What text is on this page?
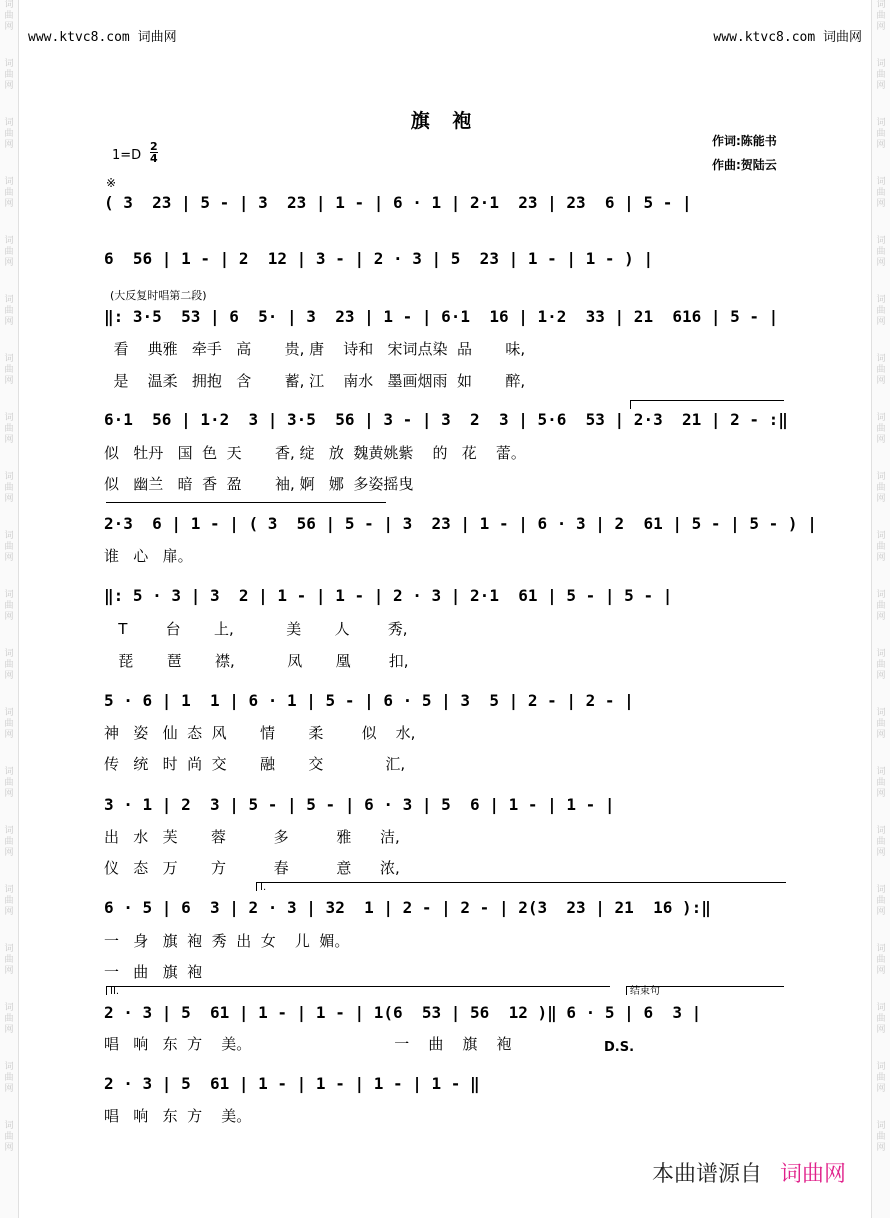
词曲网
词曲网
词曲网
词曲网
词曲网
词曲网
词曲网
词曲网
词曲网
词曲网
词曲网
词曲网
词曲网
词曲网
词曲网
词曲网
词曲网
词曲网
词曲网
词曲网
词曲网
词曲网
词曲网
词曲网
词曲网
词曲网
词曲网
词曲网
词曲网
词曲网
词曲网
词曲网
词曲网
词曲网
词曲网
词曲网
词曲网
词曲网
词曲网
词曲网
www.ktvc8.com 词曲网	www.ktvc8.com 词曲网
旗 袍
$1=D \frac{2}{4}$	作词:陈能书
作曲:贺陆云
※
( 3  23 | 5 - | 3  23 | 1 - | 6 · 1 | 2·1  23 | 23  6 | 5 - |
6  56 | 1 - | 2  12 | 3 - | 2 · 3 | 5  23 | 1 - | 1 - ) |
(大反复时唱第二段)
‖: 3·5  53 | 6  5· | 3  23 | 1 - | 6·1  16 | 1·2  33 | 21  616 | 5 - |
看    典雅   牵手   高       贵, 唐    诗和   宋词点染  品       味,
是    温柔   拥抱   含       蓄, 江    南水   墨画烟雨  如       醉,
6·1  56 | 1·2  3 | 3·5  56 | 3 - | 3  2  3 | 5·6  53 | 2·3  21 | 2 - :‖
似   牡丹   国  色  天       香, 绽   放  魏黄姚紫    的   花    蕾。
似   幽兰   暗  香  盈       袖, 婀   娜  多姿摇曳
2·3  6 | 1 - | ( 3  56 | 5 - | 3  23 | 1 - | 6 · 3 | 2  61 | 5 - | 5 - ) |
谁   心   扉。
‖: 5 · 3 | 3  2 | 1 - | 1 - | 2 · 3 | 2·1  61 | 5 - | 5 - |
T        台       上,           美       人        秀,
琵       琶       襟,           凤       凰        扣,
5 · 6 | 1  1 | 6 · 1 | 5 - | 6 · 5 | 3  5 | 2 - | 2 - |
神   姿   仙  态  风       情       柔        似    水,
传   统   时  尚  交       融       交             汇,
3 · 1 | 2  3 | 5 - | 5 - | 6 · 3 | 5  6 | 1 - | 1 - |
出   水   芙       蓉          多          雅      洁,
仪   态   万       方          春          意      浓,
I.
6 · 5 | 6  3 | 2 · 3 | 32  1 | 2 - | 2 - | 2(3  23 | 21  16 ):‖
一   身   旗  袍  秀  出  女    儿  媚。
一   曲   旗  袍
II.	结束句
2 · 3 | 5  61 | 1 - | 1 - | 1(6  53 | 56  12 )‖ 6 · 5 | 6  3 |
唱   响   东  方    美。                              一    曲    旗    袍	D.S.
2 · 3 | 5  61 | 1 - | 1 - | 1 - | 1 - ‖
唱   响   东  方    美。
本曲谱源自 词曲网
